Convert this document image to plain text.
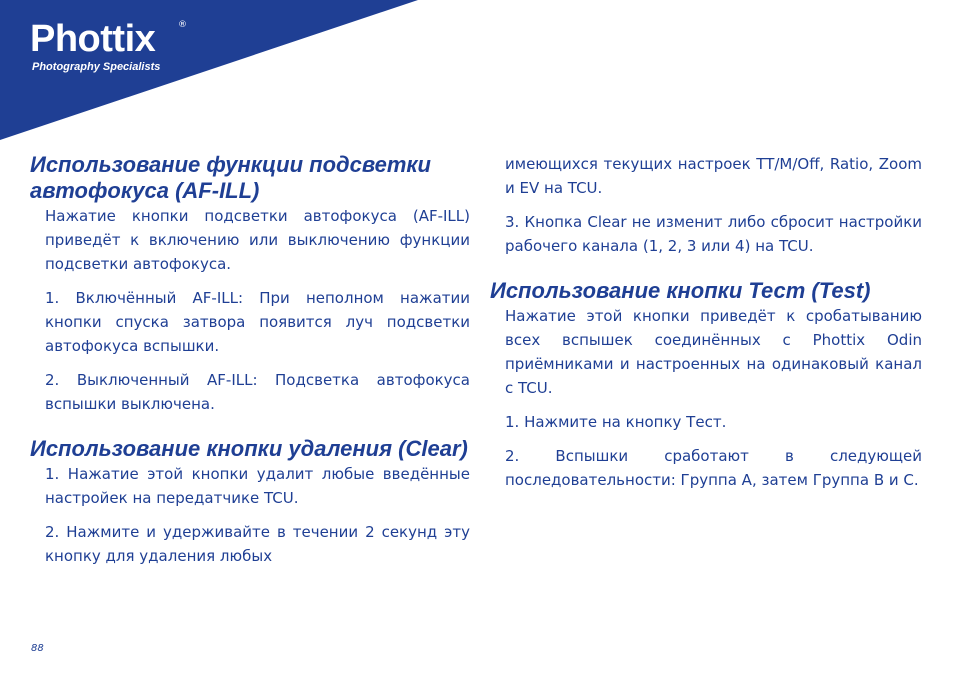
Phottix	®
Photography Specialists
Использование функции подсветки автофокуса (AF-ILL)

Нажатие кнопки подсветки автофокуса (AF-ILL) приведёт к включению или выключению функции подсветки автофокуса.

1. Включённый AF-ILL: При неполном нажатии кнопки спуска затвора появится луч подсветки автофокуса вспышки.

2. Выключенный AF-ILL: Подсветка автофокуса вспышки выключена.

Использование кнопки удаления (Clear)

1. Нажатие этой кнопки удалит любые введённые настройек на передатчике TCU.

2. Нажмите и удерживайте в течении 2 секунд эту кнопку для удаления любых

имеющихся текущих настроек TT/M/Off, Ratio, Zoom и EV на TCU.

3. Кнопка Clear не изменит либо сбросит настройки рабочего канала (1, 2, 3 или 4) на TCU.

Использование кнопки Тест (Test)

Нажатие этой кнопки приведёт к сробатыванию всех вспышек соединённых с Phottix Odin приёмниками и настроенных на одинаковый канал с TCU.

1. Нажмите на кнопку Тест.

2. Вспышки сработают в следующей последовательности: Группа А, затем Группа В и С.

88
